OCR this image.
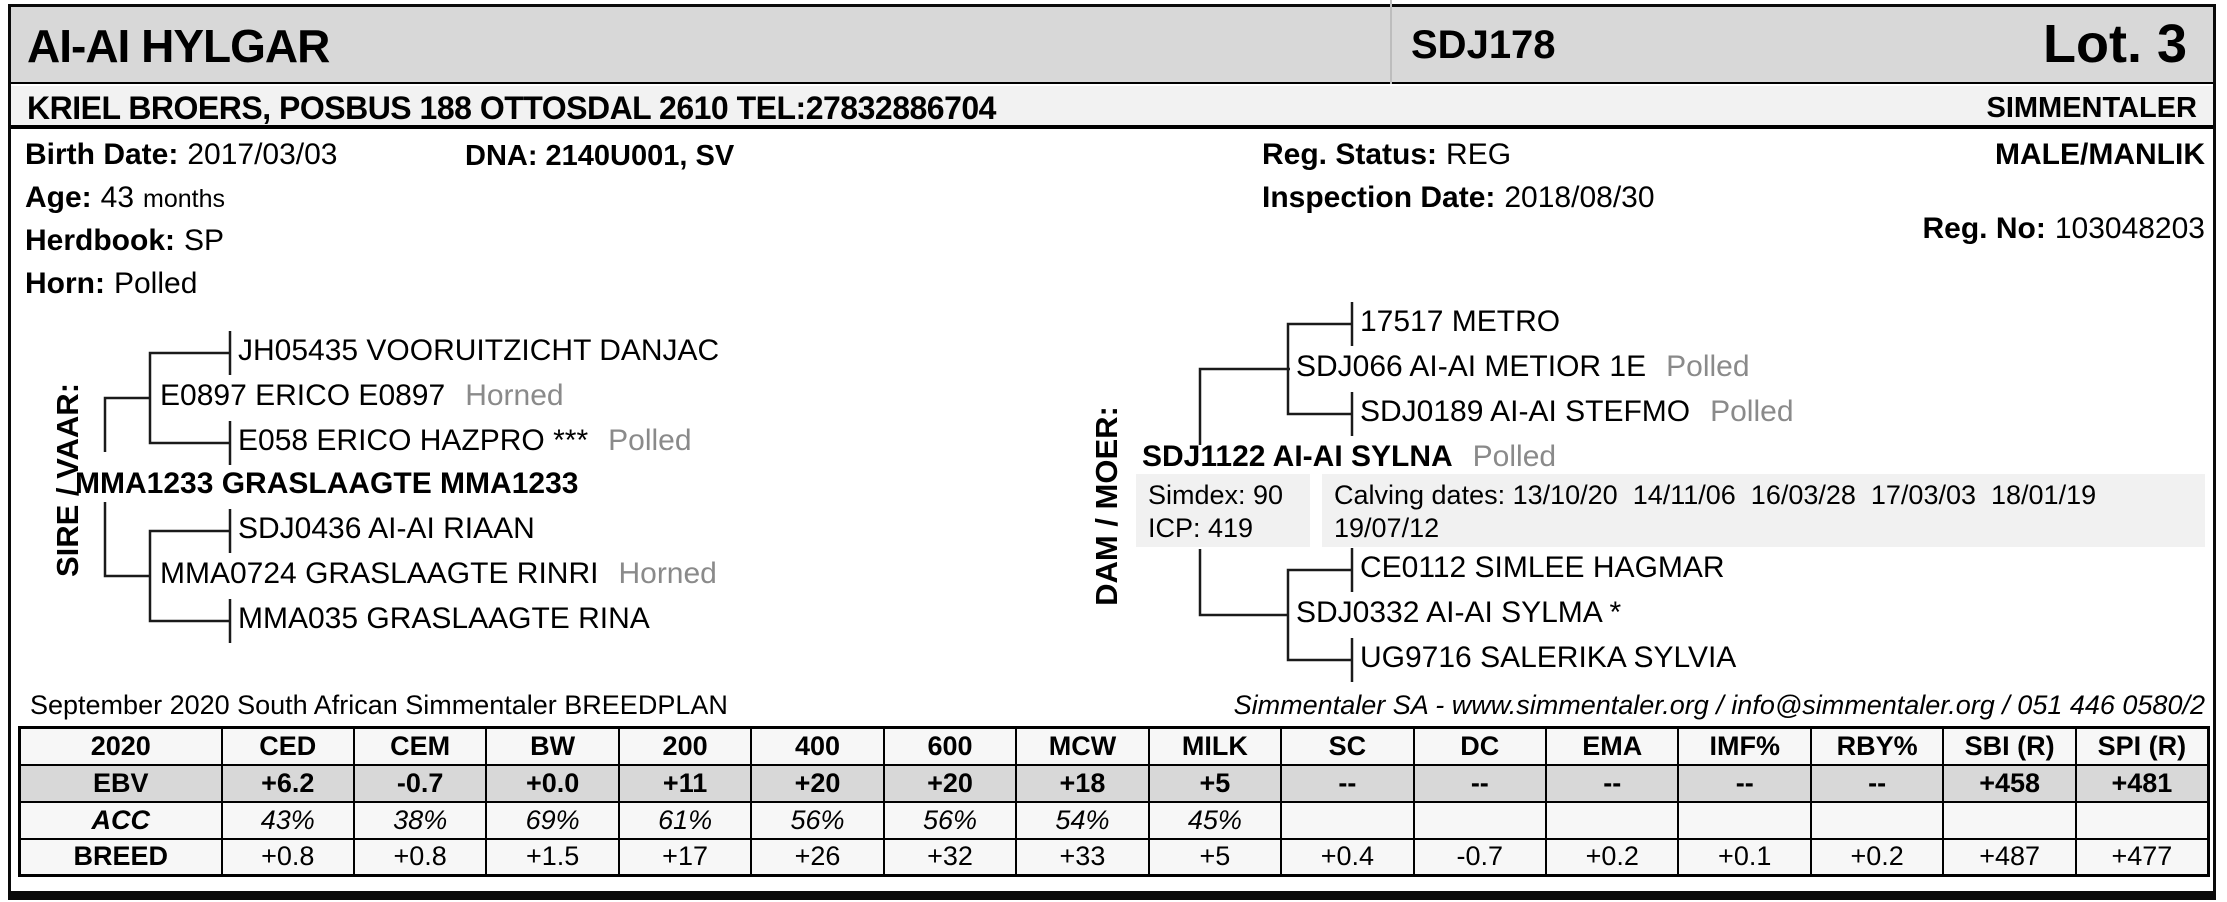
AI-AI HYLGAR	SDJ178	Lot. 3
KRIEL BROERS, POSBUS 188 OTTOSDAL 2610 TEL:27832886704	SIMMENTALER
Birth Date: 2017/03/03	DNA: 2140U001, SV
Age: 43 months
Herdbook: SP
Horn: Polled
Reg. Status: REG
Inspection Date: 2018/08/30
MALE/MANLIK
Reg. No: 103048203
SIRE / VAAR:
JH05435 VOORUITZICHT DANJAC
E0897 ERICO E0897 Horned
E058 ERICO HAZPRO *** Polled
MMA1233 GRASLAAGTE MMA1233
SDJ0436 AI-AI RIAAN
MMA0724 GRASLAAGTE RINRI Horned
MMA035 GRASLAAGTE RINA
DAM / MOER:
17517 METRO
SDJ066 AI-AI METIOR 1E Polled
SDJ0189 AI-AI STEFMO Polled
SDJ1122 AI-AI SYLNA Polled
Simdex: 90
ICP: 419
Calving dates: 13/10/20  14/11/06  16/03/28  17/03/03  18/01/19
19/07/12
CE0112 SIMLEE HAGMAR
SDJ0332 AI-AI SYLMA *
UG9716 SALERIKA SYLVIA
September 2020 South African Simmentaler BREEDPLAN	Simmentaler SA - www.simmentaler.org / info@simmentaler.org / 051 446 0580/2
2020	CED	CEM	BW	200	400	600	MCW	MILK	SC	DC	EMA	IMF%	RBY%	SBI (R)	SPI (R)
EBV	+6.2	-0.7	+0.0	+11	+20	+20	+18	+5	--	--	--	--	--	+458	+481
ACC	43%	38%	69%	61%	56%	56%	54%	45%							
BREED	+0.8	+0.8	+1.5	+17	+26	+32	+33	+5	+0.4	-0.7	+0.2	+0.1	+0.2	+487	+477
